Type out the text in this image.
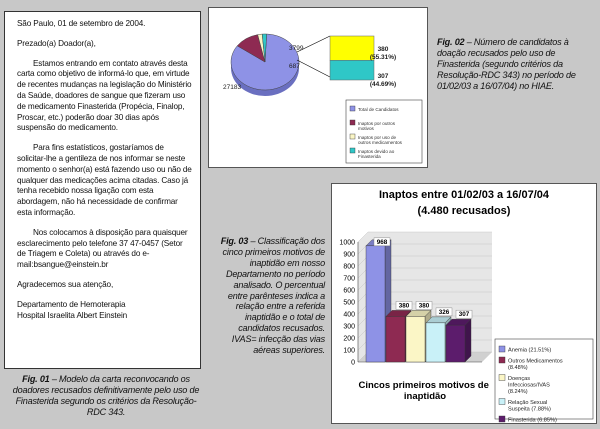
São Paulo, 01 de setembro de 2004.

Prezado(a) Doador(a),

Estamos entrando em contato através desta carta como objetivo de informá-lo que, em virtude de recentes mudanças na legislação do Ministério da Saúde, doadores de sangue que fizeram uso de medicamento Finasterida (Propécia, Finalop, Proscar, etc.) poderão doar 30 dias após suspensão do medicamento.

Para fins estatísticos, gostaríamos de solicitar-lhe a gentileza de nos informar se neste momento o senhor(a) está fazendo uso ou não de qualquer das medicações acima citadas. Caso já tenha recebido nossa ligação com esta abordagem, não há necessidade de confirmar esta informação.

Nos colocamos à disposição para quaisquer esclarecimento pelo telefone 37 47-0457 (Setor de Triagem e Coleta) ou através do e-mail:bsangue@einstein.br

Agradecemos sua atenção,

Departamento de Hemoterapia

Hospital Israelita Albert Einstein

Fig. 01 – Modelo da carta reconvocando os doadores recusados definitivamente pelo uso de Finasterida segundo os critérios da Resolução-RDC 343.
27183
3799
687
380
(55.31%)
307
(44.69%)
Total de Candidatos
Inaptos por outros motivos
Inaptos por uso de outros medicamentos
Inaptos devido ao Finasterida
Fig. 02 – Número de candidatos à doação recusados pelo uso de Finasterida (segundo critérios da Resolução-RDC 343) no período de 01/02/03 a 16/07/04) no HIAE.
Fig. 03 – Classificação dos cinco primeiros motivos de inaptidão em nosso Departamento no período analisado. O percentual entre parênteses indica a relação entre a referida inaptidão e o total de candidatos recusados. IVAS= infecção das vias aéreas superiores.
Inaptos entre 01/02/03 a 16/07/04
(4.480 recusados)
0
100
200
300
400
500
600
700
800
900
1000	968
380 380
326 307
Cincos primeiros motivos de inaptidão
Anemia (21.51%)
Outros Medicamentos (8.48%)
Doenças Infecciosas/IVAS (8.24%)
Relação Sexual Suspeita (7.88%)
Finasterida (6.85%)
